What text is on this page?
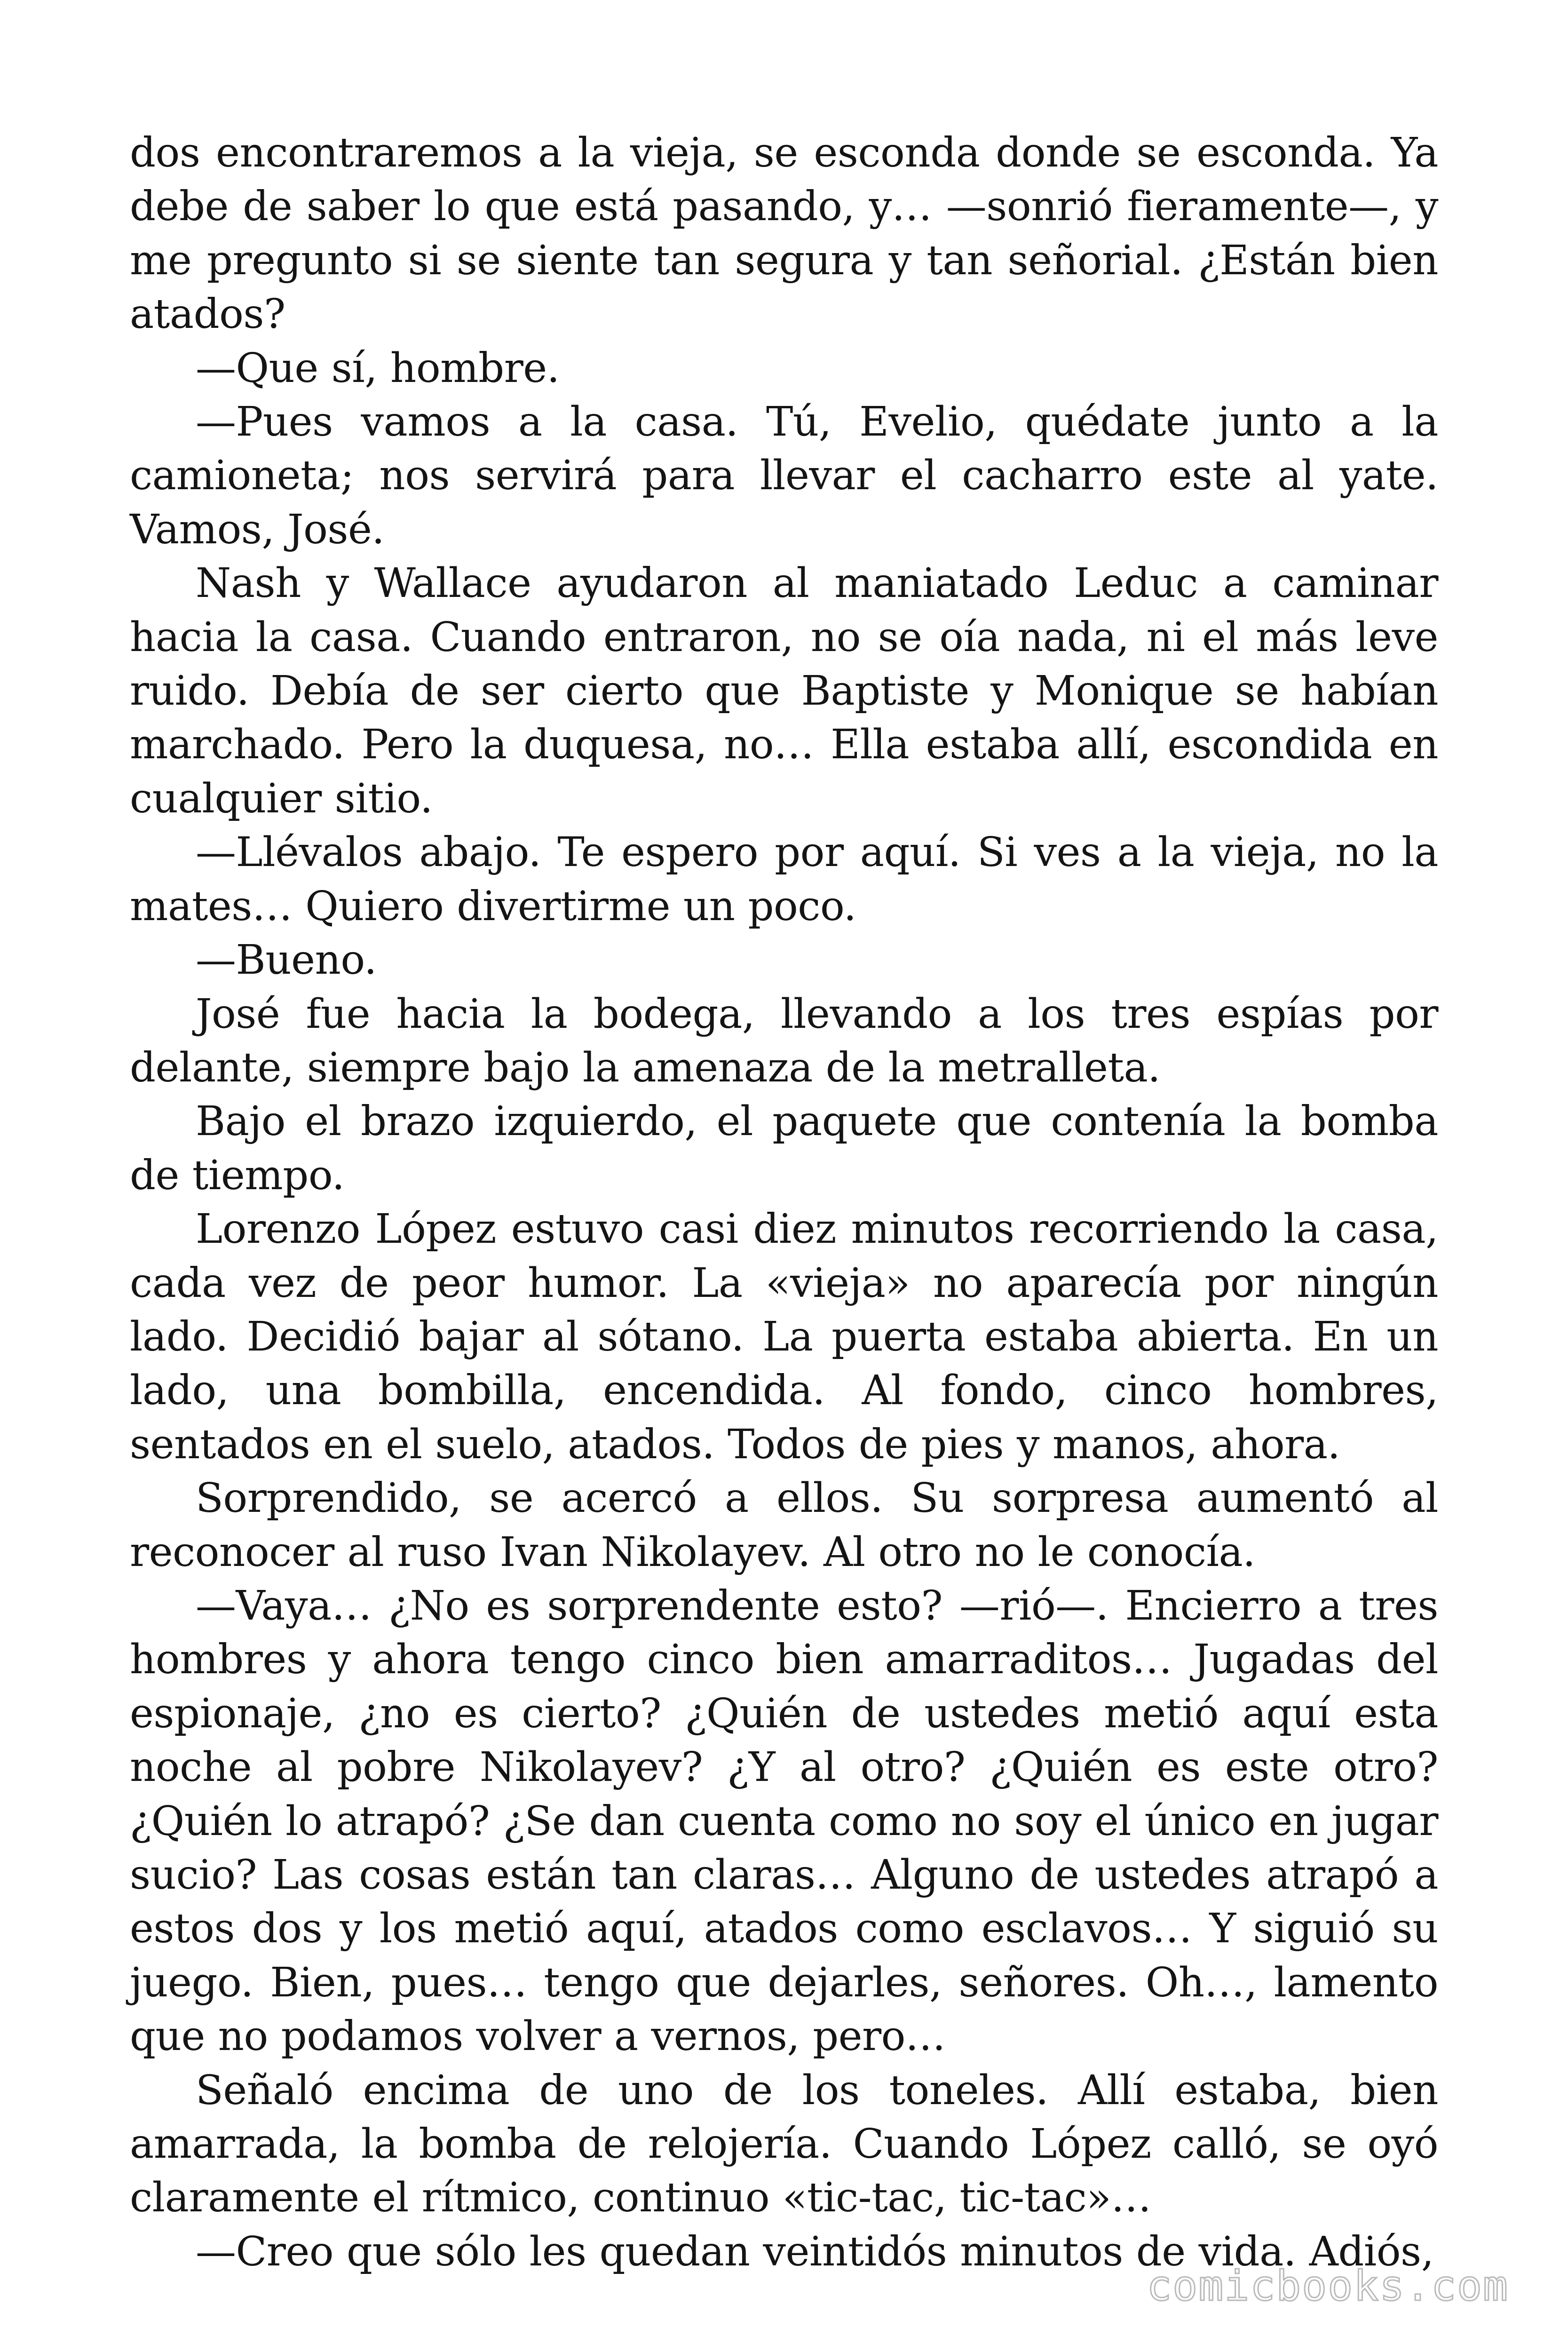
dos encontraremos a la vieja, se esconda donde se esconda. Ya debe de saber lo que está pasando, y… —sonrió fieramente—, y me pregunto si se siente tan segura y tan señorial. ¿Están bien atados?

—Que sí, hombre.

—Pues vamos a la casa. Tú, Evelio, quédate junto a la camioneta; nos servirá para llevar el cacharro este al yate. Vamos, José.

Nash y Wallace ayudaron al maniatado Leduc a caminar hacia la casa. Cuando entraron, no se oía nada, ni el más leve ruido. Debía de ser cierto que Baptiste y Monique se habían marchado. Pero la duquesa, no… Ella estaba allí, escondida en cualquier sitio.

—Llévalos abajo. Te espero por aquí. Si ves a la vieja, no la mates… Quiero divertirme un poco.

—Bueno.

José fue hacia la bodega, llevando a los tres espías por delante, siempre bajo la amenaza de la metralleta.

Bajo el brazo izquierdo, el paquete que contenía la bomba de tiempo.

Lorenzo López estuvo casi diez minutos recorriendo la casa, cada vez de peor humor. La «vieja» no aparecía por ningún lado. Decidió bajar al sótano. La puerta estaba abierta. En un lado, una bombilla, encendida. Al fondo, cinco hombres, sentados en el suelo, atados. Todos de pies y manos, ahora.

Sorprendido, se acercó a ellos. Su sorpresa aumentó al reconocer al ruso Ivan Nikolayev. Al otro no le conocía.

—Vaya… ¿No es sorprendente esto? —rió—. Encierro a tres hombres y ahora tengo cinco bien amarraditos… Jugadas del espionaje, ¿no es cierto? ¿Quién de ustedes metió aquí esta noche al pobre Nikolayev? ¿Y al otro? ¿Quién es este otro? ¿Quién lo atrapó? ¿Se dan cuenta como no soy el único en jugar sucio? Las cosas están tan claras… Alguno de ustedes atrapó a estos dos y los metió aquí, atados como esclavos… Y siguió su juego. Bien, pues… tengo que dejarles, señores. Oh…, lamento que no podamos volver a vernos, pero…

Señaló encima de uno de los toneles. Allí estaba, bien amarrada, la bomba de relojería. Cuando López calló, se oyó claramente el rítmico, continuo «tic-tac, tic-tac»…

—Creo que sólo les quedan veintidós minutos de vida. Adiós,

comicbooks.com
